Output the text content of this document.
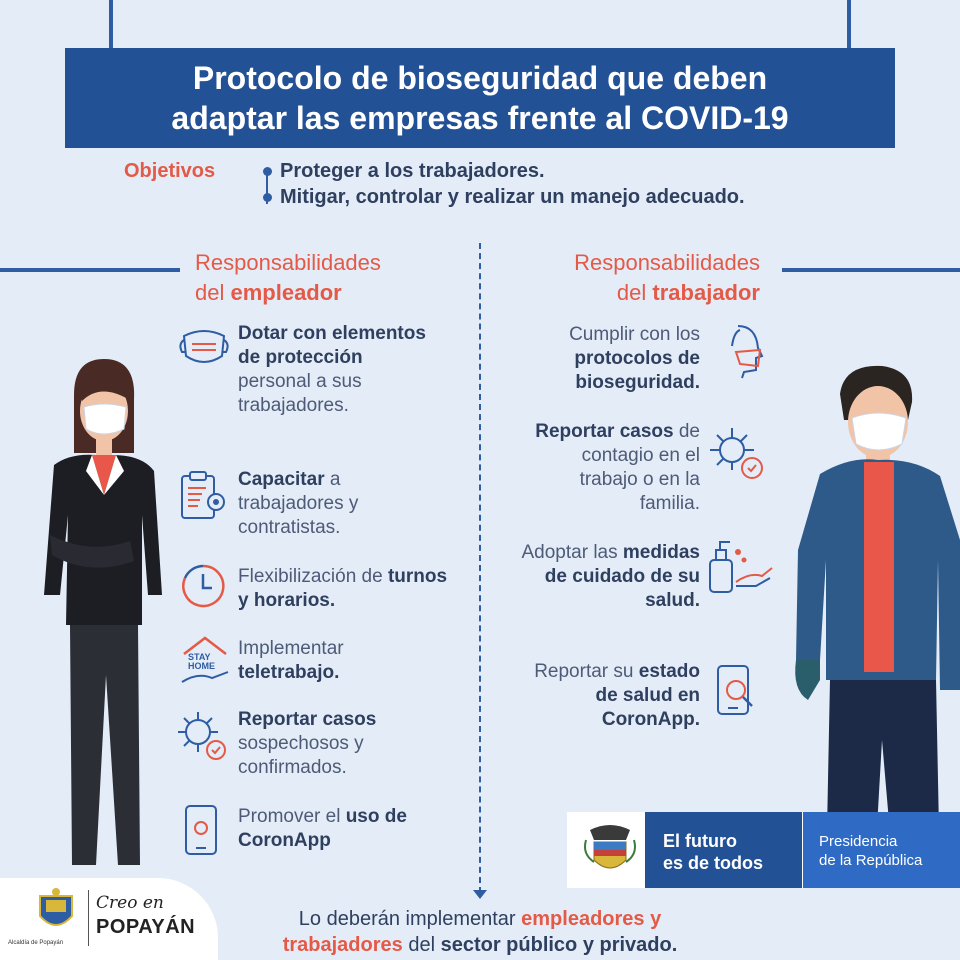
Protocolo de bioseguridad que deben
adaptar las empresas frente al COVID-19
Objetivos	Proteger a los trabajadores.
Mitigar, controlar y realizar un manejo adecuado.
Responsabilidades
del empleador
Responsabilidades
del trabajador
Dotar con elementos de protección personal a sus trabajadores.
Capacitar a trabajadores y contratistas.
Flexibilización de turnos y horarios.
STAY
HOME
Implementar teletrabajo.
Reportar casos sospechosos y confirmados.
Promover el uso de CoronApp
Cumplir con los protocolos de bioseguridad.
Reportar casos de contagio en el trabajo o en la familia.
Adoptar las medidas de cuidado de su salud.
Reportar su estado de salud en CoronApp.
El futuro
es de todos
Presidencia
de la República
Alcaldía de Popayán
Creo en
POPAYÁN	Lo deberán implementar empleadores y trabajadores del sector público y privado.
